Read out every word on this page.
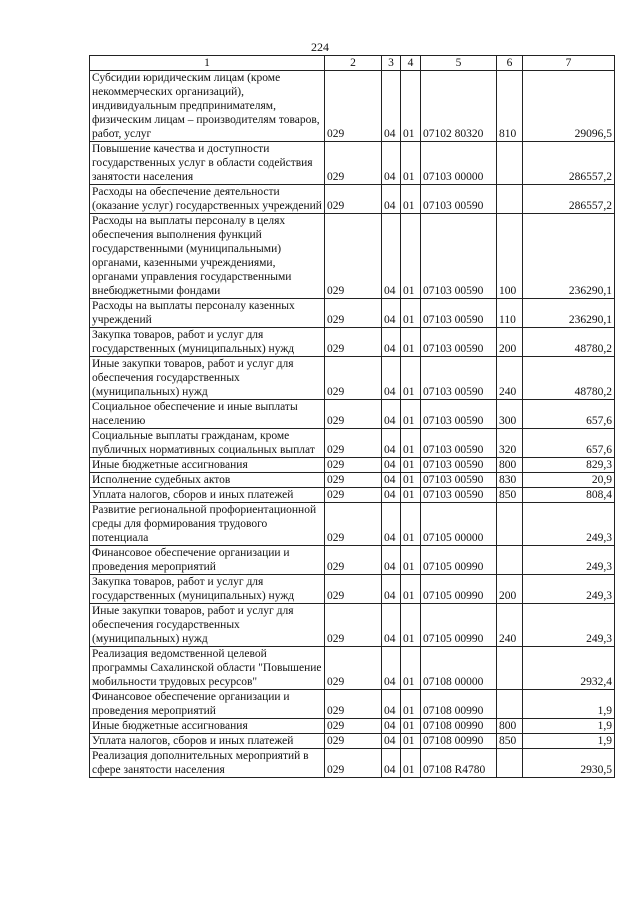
224
1	2	3	4	5	6	7
Субсидии юридическим лицам (кроме некоммерческих организаций), индивидуальным предпринимателям, физическим лицам – производителям товаров, работ, услуг	029	04	01	07102 80320	810	29096,5
Повышение качества и доступности государственных услуг в области содействия занятости населения	029	04	01	07103 00000		286557,2
Расходы на обеспечение деятельности (оказание услуг) государственных учреждений	029	04	01	07103 00590		286557,2
Расходы на выплаты персоналу в целях обеспечения выполнения функций государственными (муниципальными) органами, казенными учреждениями, органами управления государственными внебюджетными фондами	029	04	01	07103 00590	100	236290,1
Расходы на выплаты персоналу казенных учреждений	029	04	01	07103 00590	110	236290,1
Закупка товаров, работ и услуг для государственных (муниципальных) нужд	029	04	01	07103 00590	200	48780,2
Иные закупки товаров, работ и услуг для обеспечения государственных (муниципальных) нужд	029	04	01	07103 00590	240	48780,2
Социальное обеспечение и иные выплаты населению	029	04	01	07103 00590	300	657,6
Социальные выплаты гражданам, кроме публичных нормативных социальных выплат	029	04	01	07103 00590	320	657,6
Иные бюджетные ассигнования	029	04	01	07103 00590	800	829,3
Исполнение судебных актов	029	04	01	07103 00590	830	20,9
Уплата налогов, сборов и иных платежей	029	04	01	07103 00590	850	808,4
Развитие региональной профориентационной среды для формирования трудового потенциала	029	04	01	07105 00000		249,3
Финансовое обеспечение организации и проведения мероприятий	029	04	01	07105 00990		249,3
Закупка товаров, работ и услуг для государственных (муниципальных) нужд	029	04	01	07105 00990	200	249,3
Иные закупки товаров, работ и услуг для обеспечения государственных (муниципальных) нужд	029	04	01	07105 00990	240	249,3
Реализация ведомственной целевой программы Сахалинской области "Повышение мобильности трудовых ресурсов"	029	04	01	07108 00000		2932,4
Финансовое обеспечение организации и проведения мероприятий	029	04	01	07108 00990		1,9
Иные бюджетные ассигнования	029	04	01	07108 00990	800	1,9
Уплата налогов, сборов и иных платежей	029	04	01	07108 00990	850	1,9
Реализация дополнительных мероприятий в сфере занятости населения	029	04	01	07108 R4780		2930,5
